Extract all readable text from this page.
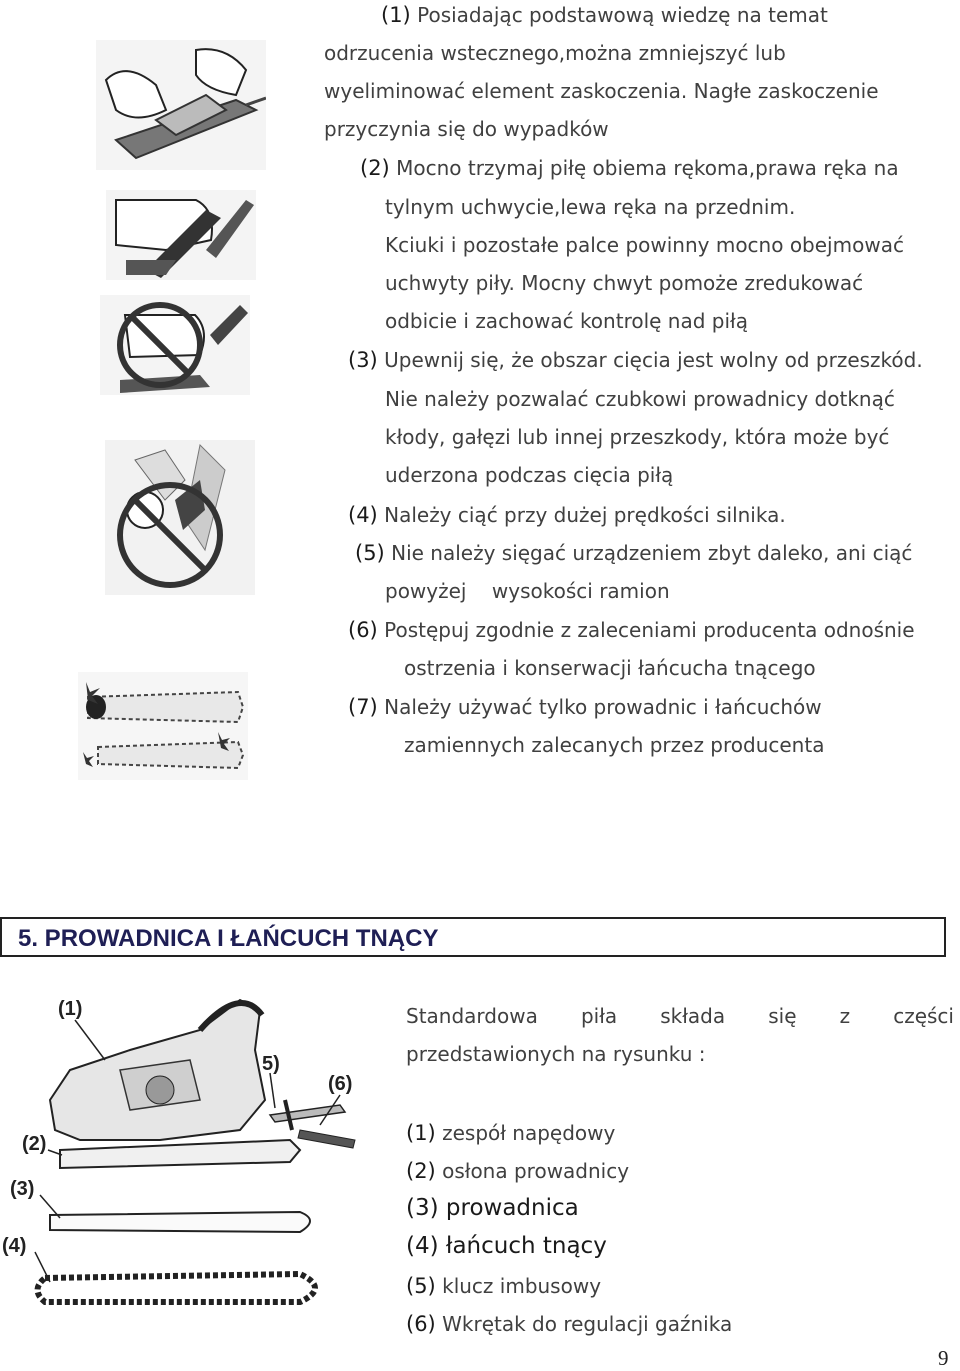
(1) Posiadając podstawową wiedzę na temat
odrzucenia wstecznego,można zmniejszyć lub
wyeliminować element zaskoczenia. Nagłe zaskoczenie
przyczynia się do wypadków
(2) Mocno trzymaj piłę obiema rękoma,prawa ręka na
tylnym uchwycie,lewa ręka na przednim.
Kciuki i pozostałe palce powinny mocno obejmować
uchwyty piły. Mocny chwyt pomoże zredukować
odbicie i zachować kontrolę nad piłą
(3) Upewnij się, że obszar cięcia jest wolny od przeszkód.
Nie należy pozwalać czubkowi prowadnicy dotknąć
kłody, gałęzi lub innej przeszkody, która może być
uderzona podczas cięcia piłą
(4) Należy ciąć przy dużej prędkości silnika.
(5) Nie należy sięgać urządzeniem zbyt daleko, ani ciąć
powyżej    wysokości ramion
(6) Postępuj zgodnie z zaleceniami producenta odnośnie
ostrzenia i konserwacji łańcucha tnącego
(7) Należy używać tylko prowadnic i łańcuchów
zamiennych zalecanych przez producenta
5. PROWADNICA I ŁAŃCUCH TNĄCY
(1)
(2)
(3)
(4)
5)
(6)
Standardowa piła składa się z części
przedstawionych na rysunku :
(1) zespół napędowy
(2) osłona prowadnicy
(3) prowadnica
(4) łańcuch tnący
(5) klucz imbusowy
(6) Wkrętak do regulacji gaźnika
9
